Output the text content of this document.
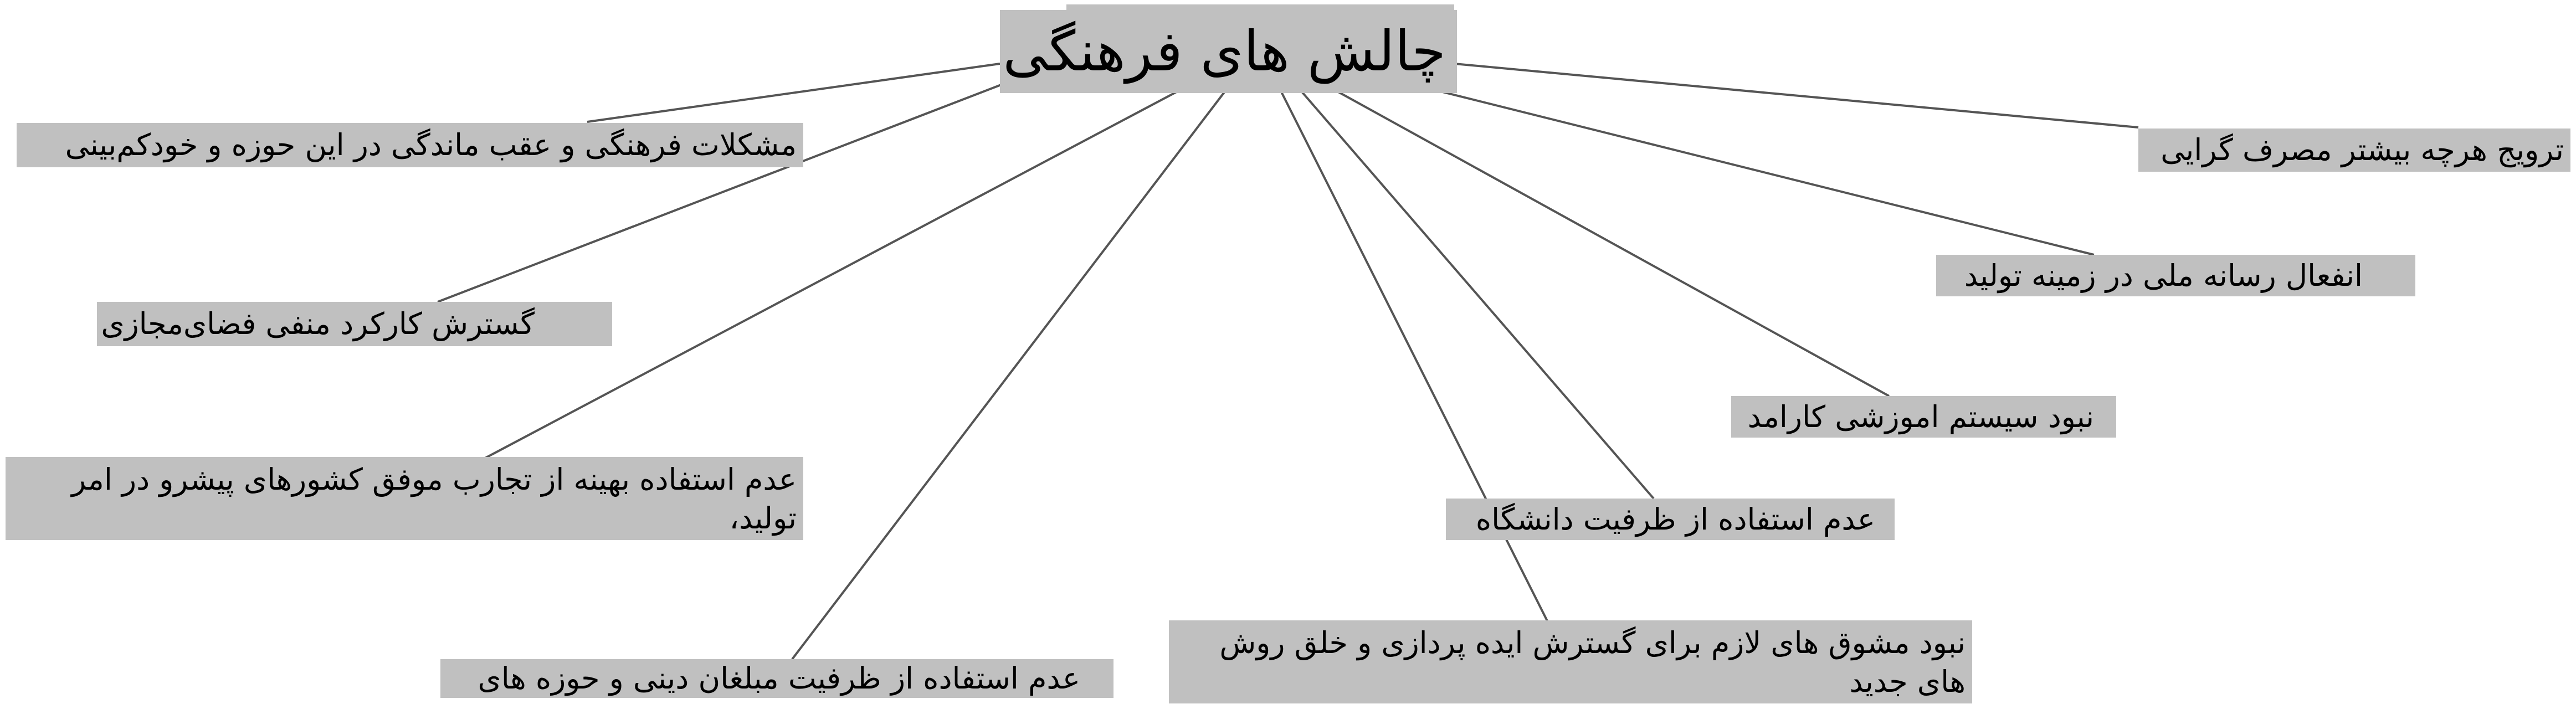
چالش های فرهنگی
مشکلات فرهنگی و عقب ماندگی در این حوزه و خودکم‌بینی
گسترش کارکرد منفی فضای‌مجازی
عدم استفاده بهینه از تجارب موفق کشورهای پیشرو در امر تولید،
عدم استفاده از ظرفیت مبلغان دینی و حوزه های
ترویج هرچه بیشتر مصرف گرایی
انفعال رسانه ملی در زمینه تولید
نبود سیستم اموزشی کارامد
عدم استفاده از ظرفیت دانشگاه
نبود مشوق های لازم برای گسترش ایده پردازی و خلق روش های جدید
